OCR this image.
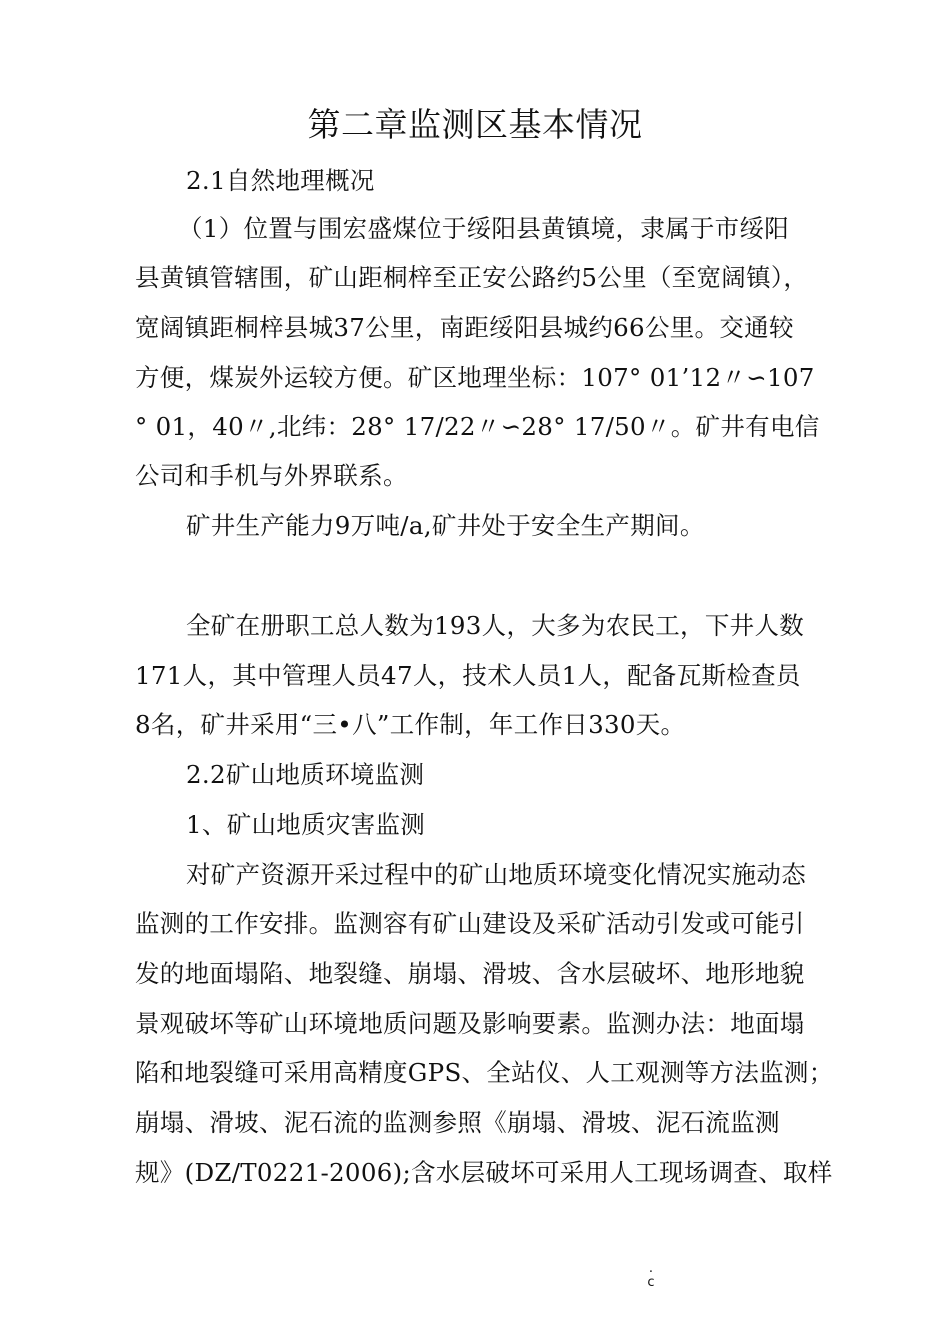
第二章监测区基本情况
2.1自然地理概况
（1）位置与围宏盛煤位于绥阳县黄镇境，隶属于市绥阳
县黄镇管辖围，矿山距桐梓至正安公路约5公里（至宽阔镇），
宽阔镇距桐梓县城37公里，南距绥阳县城约66公里。交通较
方便，煤炭外运较方便。矿区地理坐标：107° 01’12〃∽107
° 01，40〃,北纬：28° 17/22〃∽28° 17/50〃。矿井有电信
公司和手机与外界联系。
矿井生产能力9万吨/a,矿井处于安全生产期间。
全矿在册职工总人数为193人，大多为农民工，下井人数
171人，其中管理人员47人，技术人员1人，配备瓦斯检查员
8名，矿井采用“三•八”工作制，年工作日330天。
2.2矿山地质环境监测
1、矿山地质灾害监测
对矿产资源开采过程中的矿山地质环境变化情况实施动态
监测的工作安排。监测容有矿山建设及采矿活动引发或可能引
发的地面塌陷、地裂缝、崩塌、滑坡、含水层破坏、地形地貌
景观破坏等矿山环境地质问题及影响要素。监测办法：地面塌
陷和地裂缝可采用高精度GPS、全站仪、人工观测等方法监测；
崩塌、滑坡、泥石流的监测参照《崩塌、滑坡、泥石流监测
规》(DZ/T0221-2006);含水层破坏可采用人工现场调查、取样
.
c
